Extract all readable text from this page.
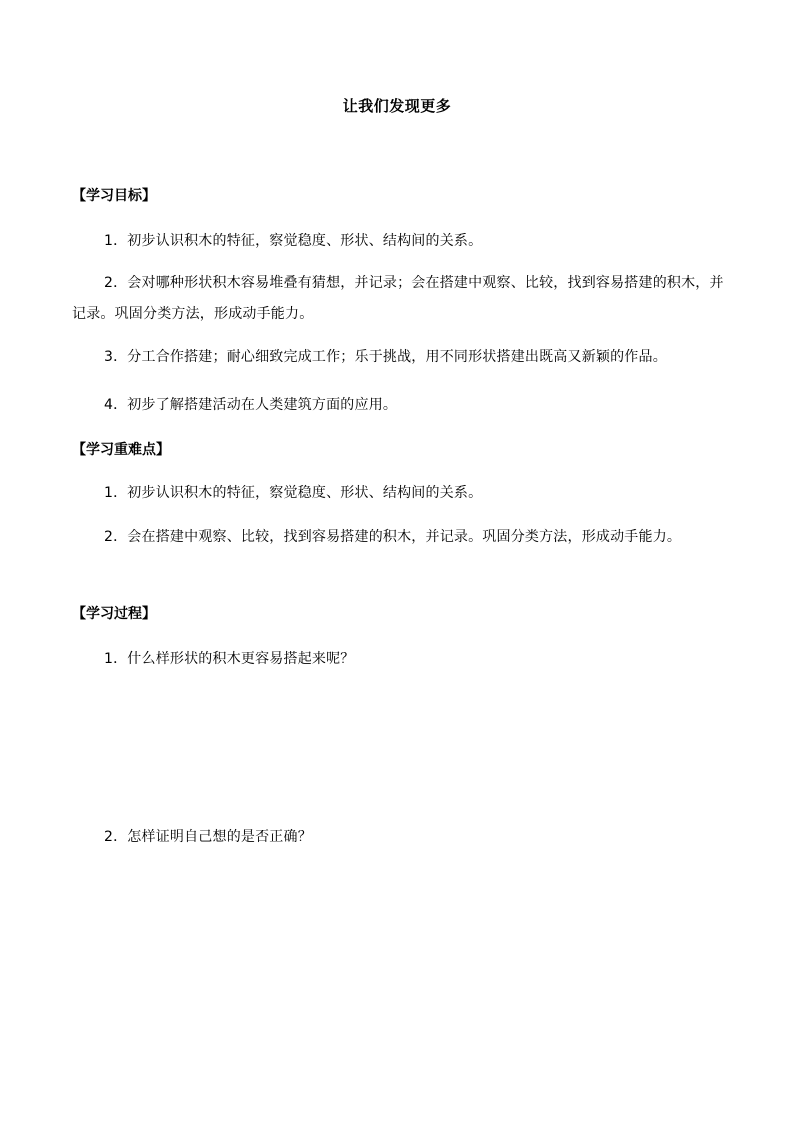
让我们发现更多
【学习目标】
1．初步认识积木的特征，察觉稳度、形状、结构间的关系。
2．会对哪种形状积木容易堆叠有猜想，并记录；会在搭建中观察、比较，找到容易搭建的积木，并记录。巩固分类方法，形成动手能力。
3．分工合作搭建；耐心细致完成工作；乐于挑战，用不同形状搭建出既高又新颖的作品。
4．初步了解搭建活动在人类建筑方面的应用。
【学习重难点】
1．初步认识积木的特征，察觉稳度、形状、结构间的关系。
2．会在搭建中观察、比较，找到容易搭建的积木，并记录。巩固分类方法，形成动手能力。
【学习过程】
1．什么样形状的积木更容易搭起来呢？
2．怎样证明自己想的是否正确？
